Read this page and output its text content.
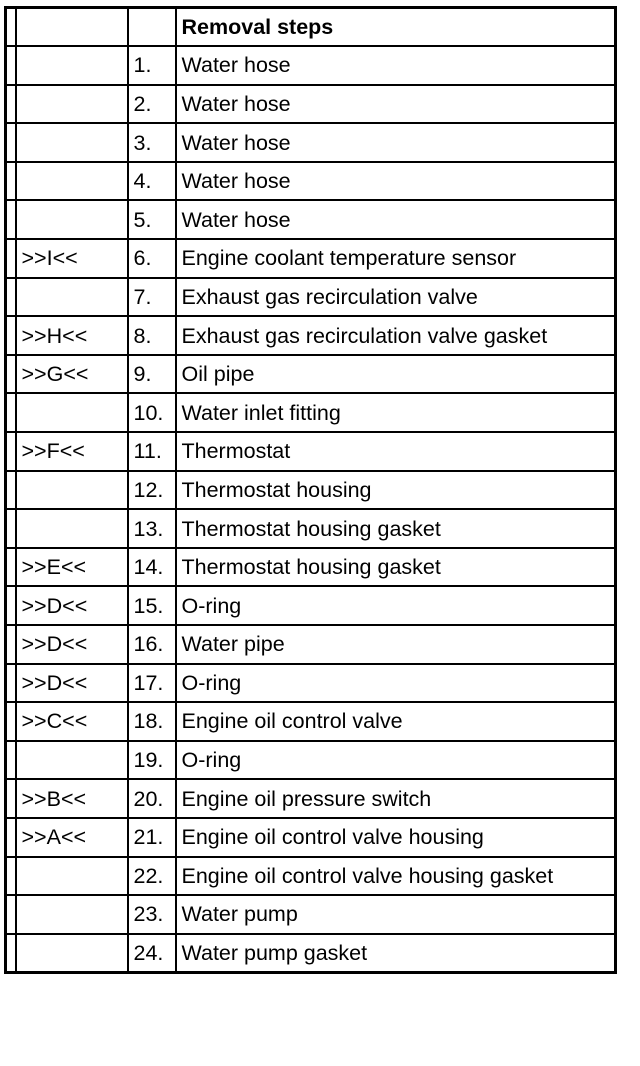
			Removal steps
		1.	Water hose
		2.	Water hose
		3.	Water hose
		4.	Water hose
		5.	Water hose
	>>I<<	6.	Engine coolant temperature sensor
		7.	Exhaust gas recirculation valve
	>>H<<	8.	Exhaust gas recirculation valve gasket
	>>G<<	9.	Oil pipe
		10.	Water inlet fitting
	>>F<<	11.	Thermostat
		12.	Thermostat housing
		13.	Thermostat housing gasket
	>>E<<	14.	Thermostat housing gasket
	>>D<<	15.	O-ring
	>>D<<	16.	Water pipe
	>>D<<	17.	O-ring
	>>C<<	18.	Engine oil control valve
		19.	O-ring
	>>B<<	20.	Engine oil pressure switch
	>>A<<	21.	Engine oil control valve housing
		22.	Engine oil control valve housing gasket
		23.	Water pump
		24.	Water pump gasket
